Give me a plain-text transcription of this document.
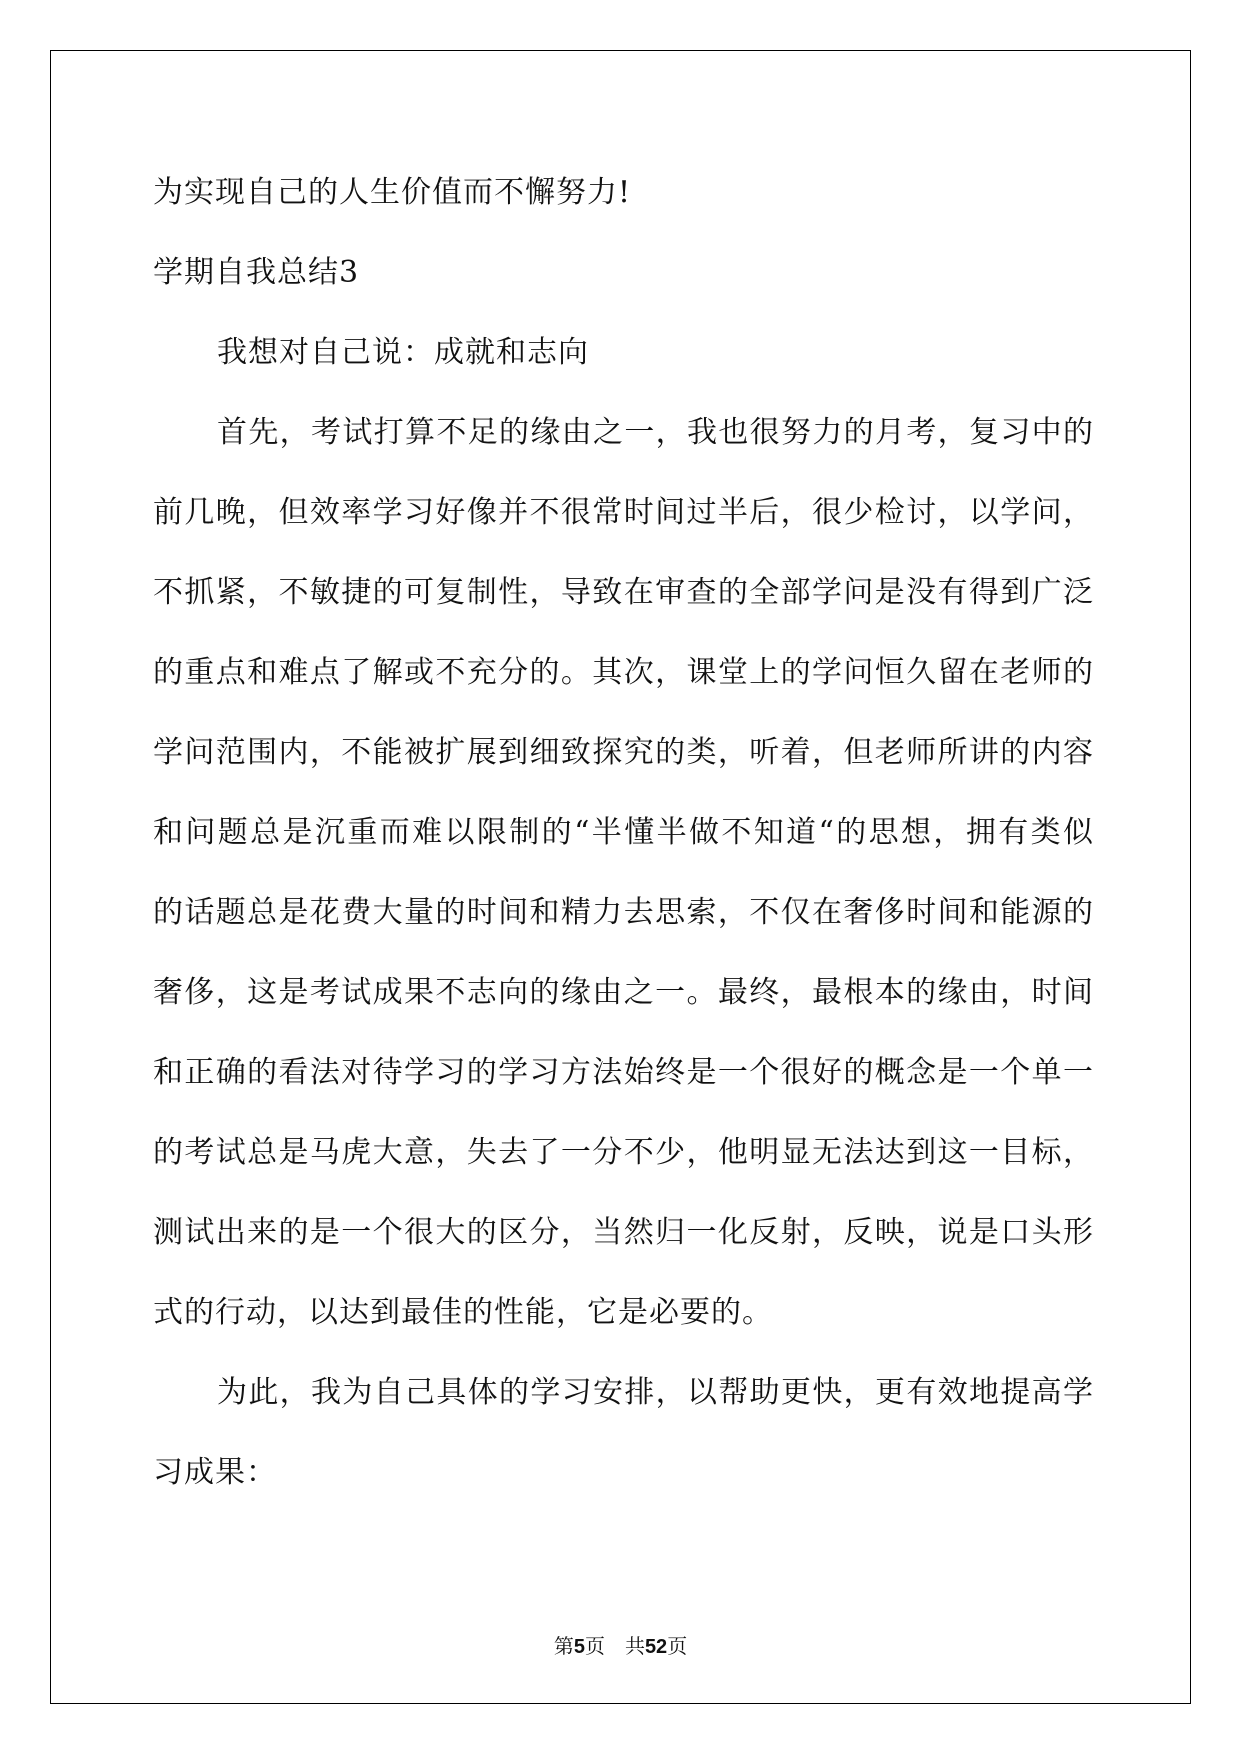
为实现自己的人生价值而不懈努力!
学期自我总结3
我想对自己说：成就和志向
首先，考试打算不足的缘由之一，我也很努力的月考，复习中的
前几晚，但效率学习好像并不很常时间过半后，很少检讨，以学问，
不抓紧，不敏捷的可复制性，导致在审查的全部学问是没有得到广泛
的重点和难点了解或不充分的。其次，课堂上的学问恒久留在老师的
学问范围内，不能被扩展到细致探究的类，听着，但老师所讲的内容
和问题总是沉重而难以限制的“半懂半做不知道“的思想，拥有类似
的话题总是花费大量的时间和精力去思索，不仅在奢侈时间和能源的
奢侈，这是考试成果不志向的缘由之一。最终，最根本的缘由，时间
和正确的看法对待学习的学习方法始终是一个很好的概念是一个单一
的考试总是马虎大意，失去了一分不少，他明显无法达到这一目标，
测试出来的是一个很大的区分，当然归一化反射，反映，说是口头形
式的行动，以达到最佳的性能，它是必要的。
为此，我为自己具体的学习安排，以帮助更快，更有效地提高学
习成果：
第5页 共52页
